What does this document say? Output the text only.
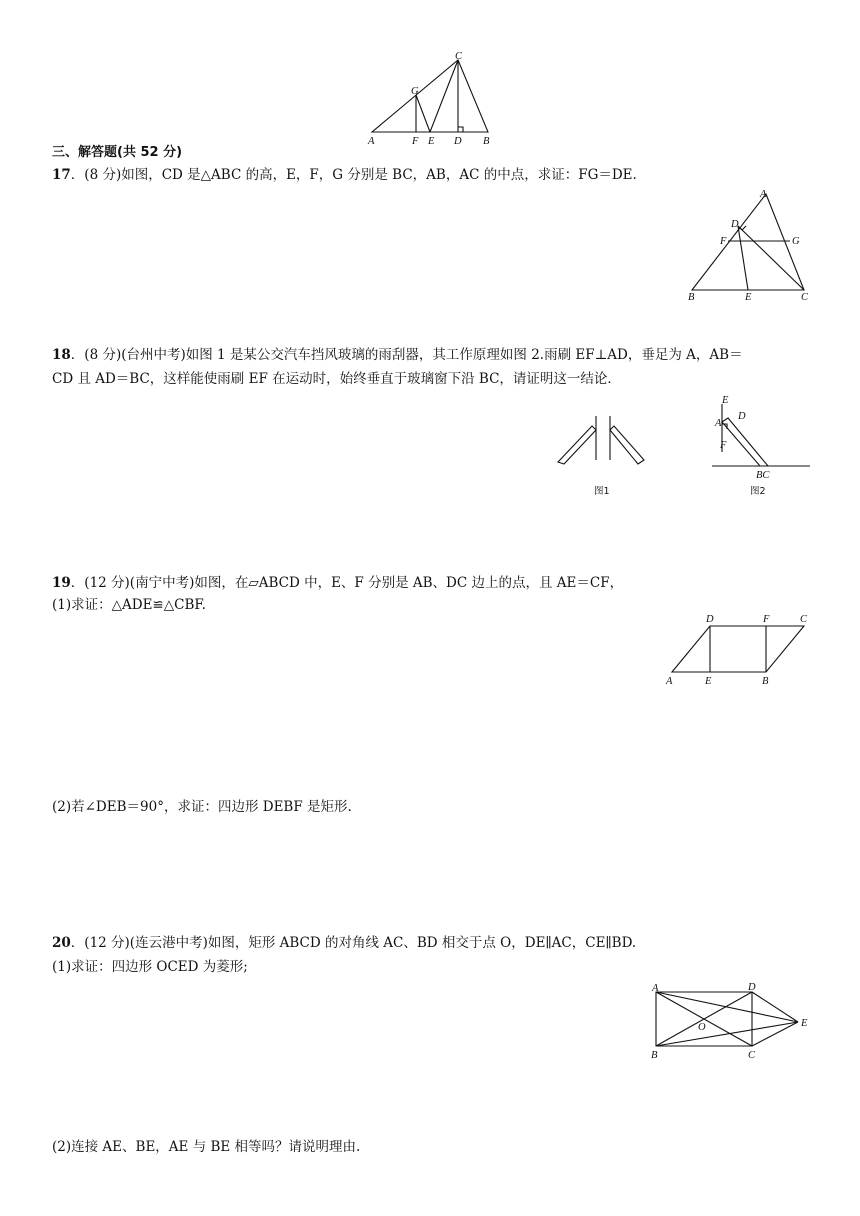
G
C
A	F E D B
三、解答题(共 52 分)
17．(8 分)如图，CD 是△ABC 的高，E，F，G 分别是 BC，AB，AC 的中点，求证：FG＝DE.
A
D
F	G
B	E	C
18．(8 分)(台州中考)如图 1 是某公交汽车挡风玻璃的雨刮器，其工作原理如图 2.雨刷 EF⊥AD，垂足为 A，AB＝
CD 且 AD＝BC，这样能使雨刷 EF 在运动时，始终垂直于玻璃窗下沿 BC，请证明这一结论．
图1
E
D
A
F
BC
图2
19．(12 分)(南宁中考)如图，在▱ABCD 中，E、F 分别是 AB、DC 边上的点，且 AE＝CF，
(1)求证：△ADE≌△CBF.
D	F	C
A	E	B
(2)若∠DEB＝90°，求证：四边形 DEBF 是矩形.
20．(12 分)(连云港中考)如图，矩形 ABCD 的对角线 AC、BD 相交于点 O，DE∥AC，CE∥BD.
(1)求证：四边形 OCED 为菱形;
A	D
O	E
B	C
(2)连接 AE、BE，AE 与 BE 相等吗？请说明理由.
